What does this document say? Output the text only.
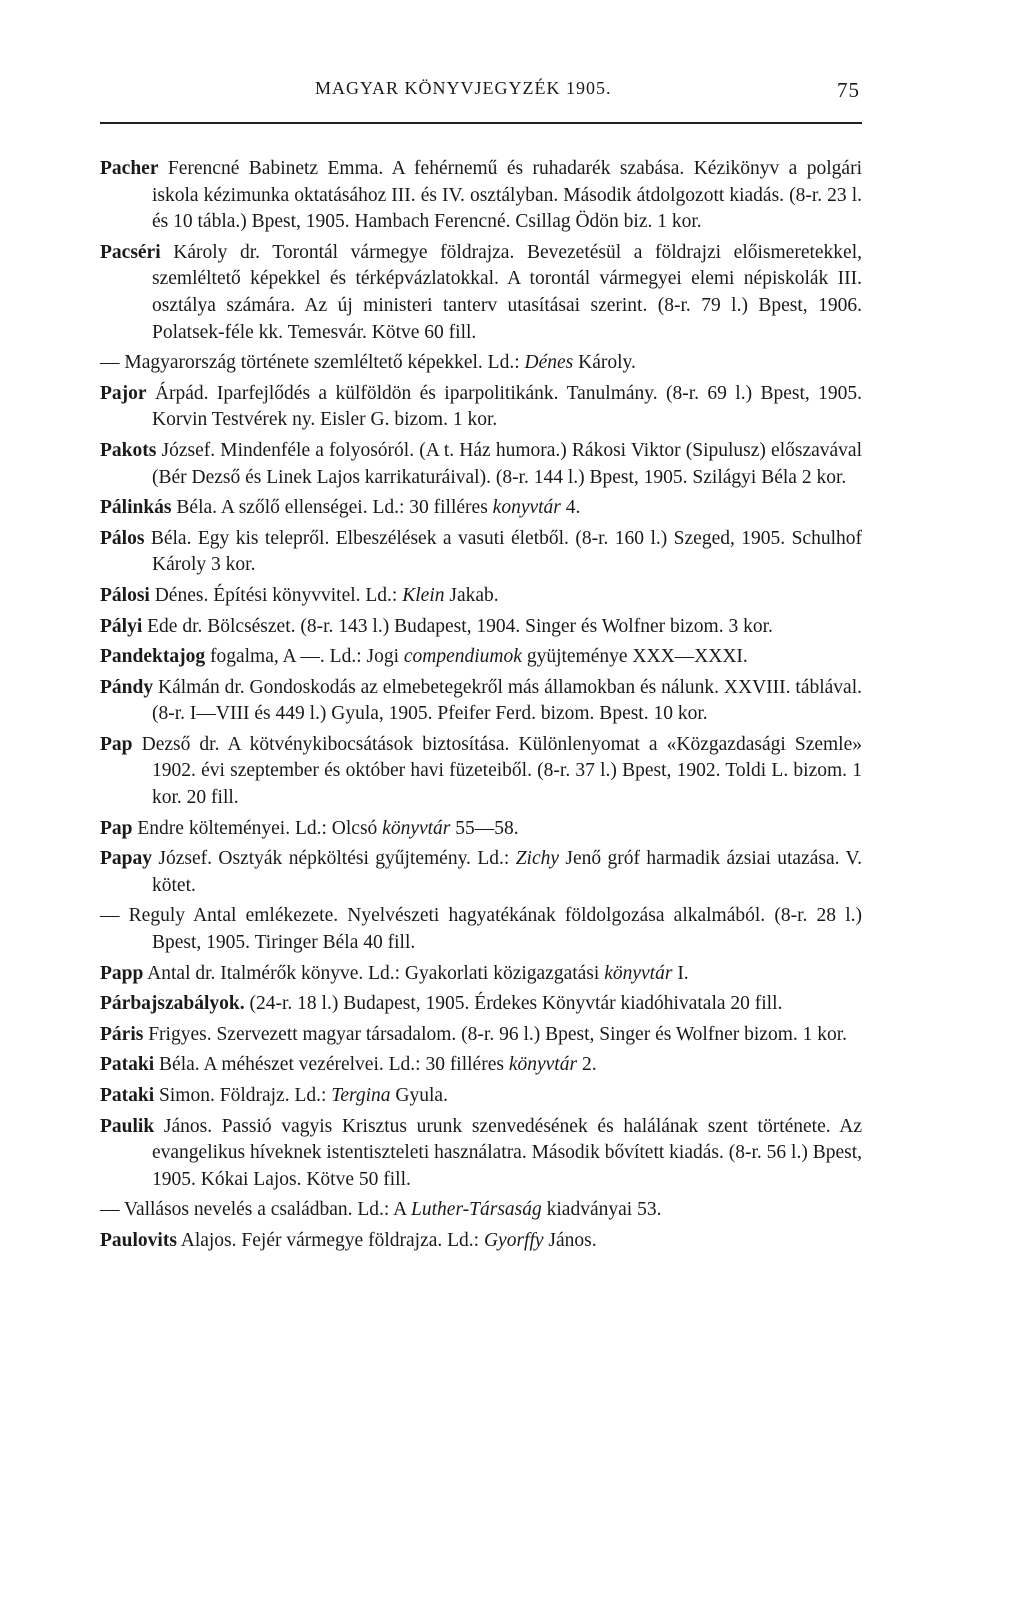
MAGYAR KÖNYVJEGYZÉK 1905.	75

Pacher Ferencné Babinetz Emma. A fehérnemű és ruhadarék szabása. Kézikönyv a polgári iskola kézimunka oktatásához III. és IV. osztályban. Második átdolgozott kiadás. (8-r. 23 l. és 10 tábla.) Bpest, 1905. Hambach Ferencné. Csillag Ödön biz. 1 kor.

Pacséri Károly dr. Torontál vármegye földrajza. Bevezetésül a földrajzi előismeretekkel, szemléltető képekkel és térképvázlatokkal. A torontál vármegyei elemi népiskolák III. osztálya számára. Az új ministeri tanterv utasításai szerint. (8-r. 79 l.) Bpest, 1906. Polatsek-féle kk. Temesvár. Kötve 60 fill.

— Magyarország története szemléltető képekkel. Ld.: Dénes Károly.

Pajor Árpád. Iparfejlődés a külföldön és iparpolitikánk. Tanulmány. (8-r. 69 l.) Bpest, 1905. Korvin Testvérek ny. Eisler G. bizom. 1 kor.

Pakots József. Mindenféle a folyosóról. (A t. Ház humora.) Rákosi Viktor (Sipulusz) előszavával (Bér Dezső és Linek Lajos karrikaturáival). (8-r. 144 l.) Bpest, 1905. Szilágyi Béla 2 kor.

Pálinkás Béla. A szőlő ellenségei. Ld.: 30 filléres konyvtár 4.

Pálos Béla. Egy kis telepről. Elbeszélések a vasuti életből. (8-r. 160 l.) Szeged, 1905. Schulhof Károly 3 kor.

Pálosi Dénes. Építési könyvvitel. Ld.: Klein Jakab.

Pályi Ede dr. Bölcsészet. (8-r. 143 l.) Budapest, 1904. Singer és Wolfner bizom. 3 kor.

Pandektajog fogalma, A —. Ld.: Jogi compendiumok gyüjteménye XXX—XXXI.

Pándy Kálmán dr. Gondoskodás az elmebetegekről más államokban és nálunk. XXVIII. táblával. (8-r. I—VIII és 449 l.) Gyula, 1905. Pfeifer Ferd. bizom. Bpest. 10 kor.

Pap Dezső dr. A kötvénykibocsátások biztosítása. Különlenyomat a «Közgazdasági Szemle» 1902. évi szeptember és október havi füzeteiből. (8-r. 37 l.) Bpest, 1902. Toldi L. bizom. 1 kor. 20 fill.

Pap Endre költeményei. Ld.: Olcsó könyvtár 55—58.

Papay József. Osztyák népköltési gyűjtemény. Ld.: Zichy Jenő gróf harmadik ázsiai utazása. V. kötet.

— Reguly Antal emlékezete. Nyelvészeti hagyatékának földolgozása alkalmából. (8-r. 28 l.) Bpest, 1905. Tiringer Béla 40 fill.

Papp Antal dr. Italmérők könyve. Ld.: Gyakorlati közigazgatási könyvtár I.

Párbajszabályok. (24-r. 18 l.) Budapest, 1905. Érdekes Könyvtár kiadóhivatala 20 fill.

Páris Frigyes. Szervezett magyar társadalom. (8-r. 96 l.) Bpest, Singer és Wolfner bizom. 1 kor.

Pataki Béla. A méhészet vezérelvei. Ld.: 30 filléres könyvtár 2.

Pataki Simon. Földrajz. Ld.: Tergina Gyula.

Paulik János. Passió vagyis Krisztus urunk szenvedésének és halálának szent története. Az evangelikus híveknek istentiszteleti használatra. Második bővített kiadás. (8-r. 56 l.) Bpest, 1905. Kókai Lajos. Kötve 50 fill.

— Vallásos nevelés a családban. Ld.: A Luther-Társaság kiadványai 53.

Paulovits Alajos. Fejér vármegye földrajza. Ld.: Gyorffy János.
